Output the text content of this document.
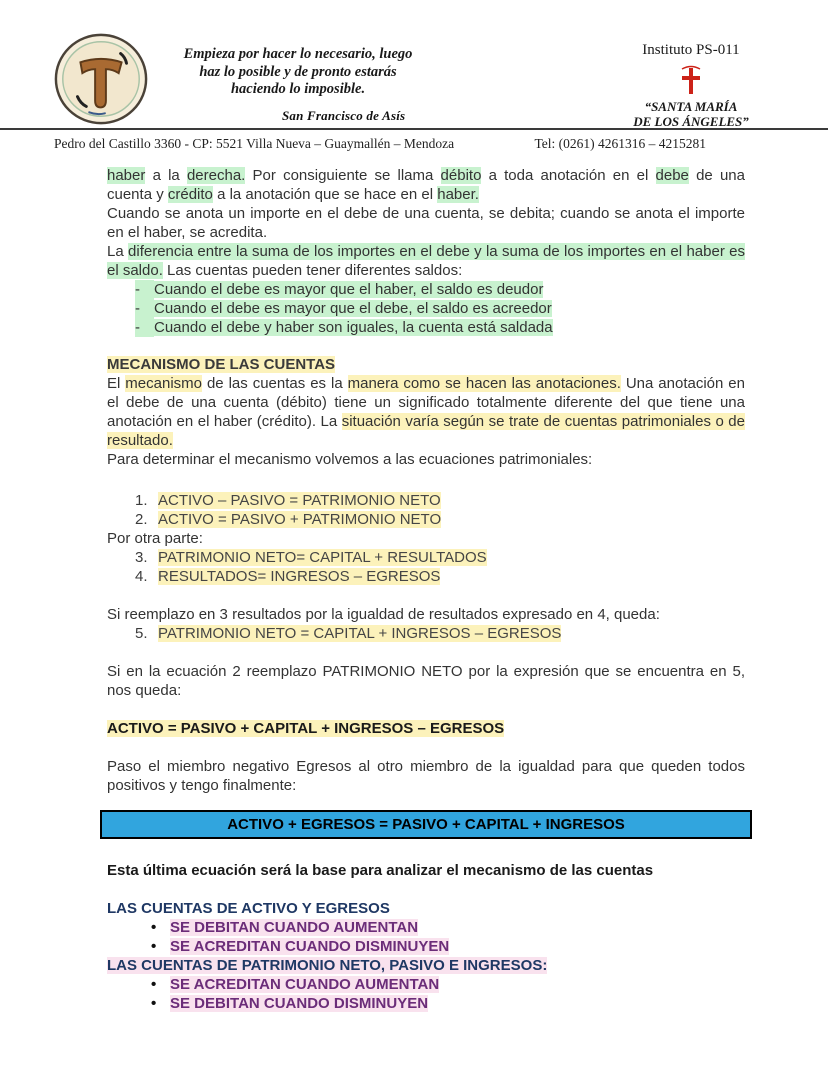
Empieza por hacer lo necesario, luego
haz lo posible y de pronto estarás
haciendo lo imposible.
San Francisco de Asís
Instituto PS-011
“SANTA MARÍA
DE LOS ÁNGELES”
Pedro del Castillo 3360 - CP: 5521 Villa Nueva – Guaymallén – Mendoza	Tel: (0261) 4261316 – 4215281

haber a la derecha. Por consiguiente se llama débito a toda anotación en el debe de una cuenta y crédito a la anotación que se hace en el haber.

Cuando se anota un importe en el debe de una cuenta, se debita; cuando se anota el importe en el haber, se acredita.

La diferencia entre la suma de los importes en el debe y la suma de los importes en el haber es el saldo. Las cuentas pueden tener diferentes saldos:

- Cuando el debe es mayor que el haber, el saldo es deudor
- Cuando el debe es mayor que el debe, el saldo es acreedor
- Cuando el debe y haber son iguales, la cuenta está saldada

MECANISMO DE LAS CUENTAS

El mecanismo de las cuentas es la manera como se hacen las anotaciones. Una anotación en el debe de una cuenta (débito) tiene un significado totalmente diferente del que tiene una anotación en el haber (crédito). La situación varía según se trate de cuentas patrimoniales o de resultado.

Para determinar el mecanismo volvemos a las ecuaciones patrimoniales:

1. ACTIVO – PASIVO = PATRIMONIO NETO
2. ACTIVO = PASIVO + PATRIMONIO NETO

Por otra parte:

3. PATRIMONIO NETO= CAPITAL + RESULTADOS
4. RESULTADOS= INGRESOS – EGRESOS

Si reemplazo en 3 resultados por la igualdad de resultados expresado en 4, queda:

5. PATRIMONIO NETO = CAPITAL + INGRESOS – EGRESOS

Si en la ecuación 2 reemplazo PATRIMONIO NETO por la expresión que se encuentra en 5, nos queda:

ACTIVO = PASIVO + CAPITAL + INGRESOS – EGRESOS

Paso el miembro negativo Egresos al otro miembro de la igualdad para que queden todos positivos y tengo finalmente:

ACTIVO + EGRESOS = PASIVO + CAPITAL + INGRESOS

Esta última ecuación será la base para analizar el mecanismo de las cuentas

LAS CUENTAS DE ACTIVO Y EGRESOS

• SE DEBITAN CUANDO AUMENTAN
• SE ACREDITAN CUANDO DISMINUYEN

LAS CUENTAS DE PATRIMONIO NETO, PASIVO E INGRESOS:

• SE ACREDITAN CUANDO AUMENTAN
• SE DEBITAN CUANDO DISMINUYEN
